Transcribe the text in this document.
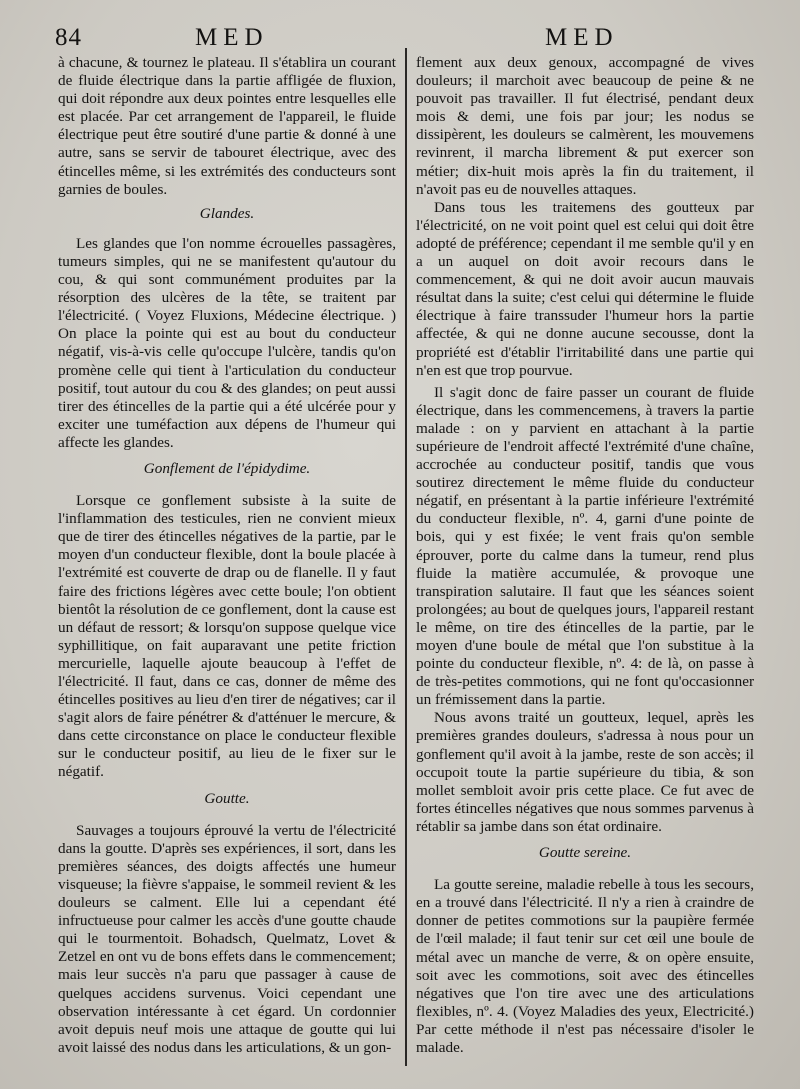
84	MED	MED

à chacune, & tournez le plateau. Il s'établira un courant de fluide électrique dans la partie affligée de fluxion, qui doit répondre aux deux pointes entre lesquelles elle est placée. Par cet arrangement de l'appareil, le fluide électrique peut être soutiré d'une partie & donné à une autre, sans se servir de tabouret électrique, avec des étincelles même, si les extrémités des conducteurs sont garnies de boules.

Glandes.

Les glandes que l'on nomme écrouelles passagères, tumeurs simples, qui ne se manifestent qu'autour du cou, & qui sont communément produites par la résorption des ulcères de la tête, se traitent par l'électricité. ( Voyez Fluxions, Médecine électrique. ) On place la pointe qui est au bout du conducteur négatif, vis-à-vis celle qu'occupe l'ulcère, tandis qu'on promène celle qui tient à l'articulation du conducteur positif, tout autour du cou & des glandes; on peut aussi tirer des étincelles de la partie qui a été ulcérée pour y exciter une tuméfaction aux dépens de l'humeur qui affecte les glandes.

Gonflement de l'épidydime.

Lorsque ce gonflement subsiste à la suite de l'inflammation des testicules, rien ne convient mieux que de tirer des étincelles négatives de la partie, par le moyen d'un conducteur flexible, dont la boule placée à l'extrémité est couverte de drap ou de flanelle. Il y faut faire des frictions légères avec cette boule; l'on obtient bientôt la résolution de ce gonflement, dont la cause est un défaut de ressort; & lorsqu'on suppose quelque vice syphillitique, on fait auparavant une petite friction mercurielle, laquelle ajoute beaucoup à l'effet de l'électricité. Il faut, dans ce cas, donner de même des étincelles positives au lieu d'en tirer de négatives; car il s'agit alors de faire pénétrer & d'atténuer le mercure, & dans cette circonstance on place le conducteur flexible sur le conducteur positif, au lieu de le fixer sur le négatif.

Goutte.

Sauvages a toujours éprouvé la vertu de l'électricité dans la goutte. D'après ses expériences, il sort, dans les premières séances, des doigts affectés une humeur visqueuse; la fièvre s'appaise, le sommeil revient & les douleurs se calment. Elle lui a cependant été infructueuse pour calmer les accès d'une goutte chaude qui le tourmentoit. Bohadsch, Quelmatz, Lovet & Zetzel en ont vu de bons effets dans le commencement; mais leur succès n'a paru que passager à cause de quelques accidens survenus. Voici cependant une observation intéressante à cet égard. Un cordonnier avoit depuis neuf mois une attaque de goutte qui lui avoit laissé des nodus dans les articulations, & un gon-

flement aux deux genoux, accompagné de vives douleurs; il marchoit avec beaucoup de peine & ne pouvoit pas travailler. Il fut électrisé, pendant deux mois & demi, une fois par jour; les nodus se dissipèrent, les douleurs se calmèrent, les mouvemens revinrent, il marcha librement & put exercer son métier; dix-huit mois après la fin du traitement, il n'avoit pas eu de nouvelles attaques.

Dans tous les traitemens des goutteux par l'électricité, on ne voit point quel est celui qui doit être adopté de préférence; cependant il me semble qu'il y en a un auquel on doit avoir recours dans le commencement, & qui ne doit avoir aucun mauvais résultat dans la suite; c'est celui qui détermine le fluide électrique à faire transsuder l'humeur hors la partie affectée, & qui ne donne aucune secousse, dont la propriété est d'établir l'irritabilité dans une partie qui n'en est que trop pourvue.

Il s'agit donc de faire passer un courant de fluide électrique, dans les commencemens, à travers la partie malade : on y parvient en attachant à la partie supérieure de l'endroit affecté l'extrémité d'une chaîne, accrochée au conducteur positif, tandis que vous soutirez directement le même fluide du conducteur négatif, en présentant à la partie inférieure l'extrémité du conducteur flexible, nº. 4, garni d'une pointe de bois, qui y est fixée; le vent frais qu'on semble éprouver, porte du calme dans la tumeur, rend plus fluide la matière accumulée, & provoque une transpiration salutaire. Il faut que les séances soient prolongées; au bout de quelques jours, l'appareil restant le même, on tire des étincelles de la partie, par le moyen d'une boule de métal que l'on substitue à la pointe du conducteur flexible, nº. 4: de là, on passe à de très-petites commotions, qui ne font qu'occasionner un frémissement dans la partie.

Nous avons traité un goutteux, lequel, après les premières grandes douleurs, s'adressa à nous pour un gonflement qu'il avoit à la jambe, reste de son accès; il occupoit toute la partie supérieure du tibia, & son mollet sembloit avoir pris cette place. Ce fut avec de fortes étincelles négatives que nous sommes parvenus à rétablir sa jambe dans son état ordinaire.

Goutte sereine.

La goutte sereine, maladie rebelle à tous les secours, en a trouvé dans l'électricité. Il n'y a rien à craindre de donner de petites commotions sur la paupière fermée de l'œil malade; il faut tenir sur cet œil une boule de métal avec un manche de verre, & on opère ensuite, soit avec les commotions, soit avec des étincelles négatives que l'on tire avec une des articulations flexibles, nº. 4. (Voyez Maladies des yeux, Electricité.) Par cette méthode il n'est pas nécessaire d'isoler le malade.
